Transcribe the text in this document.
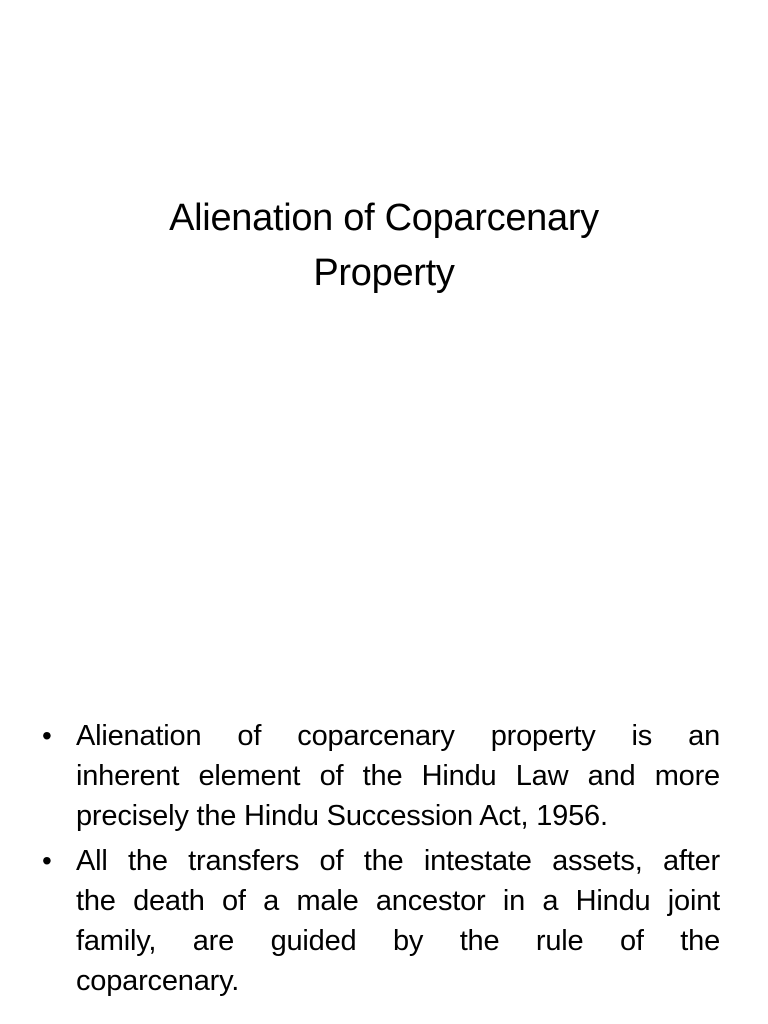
Alienation of Coparcenary
Property
• Alienation of coparcenary property is an
inherent element of the Hindu Law and more
precisely the Hindu Succession Act, 1956.
• All the transfers of the intestate assets, after
the death of a male ancestor in a Hindu joint
family, are guided by the rule of the
coparcenary.
